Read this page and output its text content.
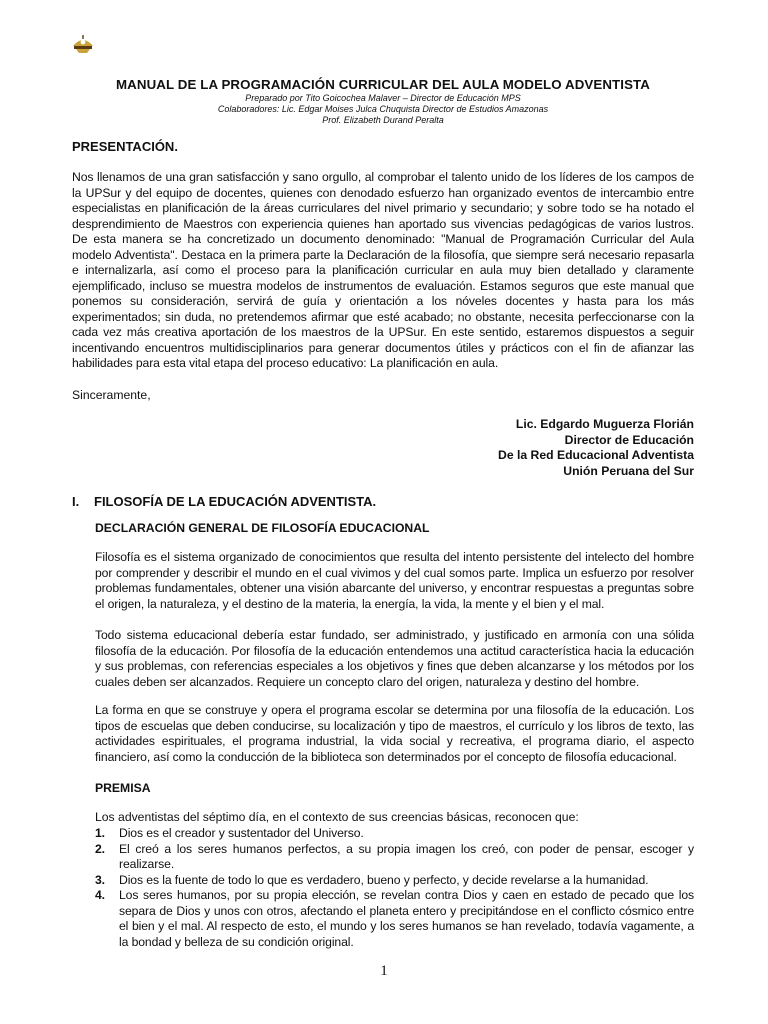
MANUAL DE LA PROGRAMACIÓN CURRICULAR DEL AULA MODELO ADVENTISTA
Preparado por Tito Goicochea Malaver – Director de Educación MPS
Colaboradores: Lic. Edgar Moises Julca Chuquista Director de Estudios Amazonas
Prof. Elizabeth Durand Peralta
PRESENTACIÓN.
Nos llenamos de una gran satisfacción y sano orgullo, al comprobar el talento unido de los líderes de los campos de la UPSur y del equipo de docentes, quienes con denodado esfuerzo han organizado eventos de intercambio entre especialistas en planificación de la áreas curriculares del nivel primario y secundario; y sobre todo se ha notado el desprendimiento de Maestros con experiencia quienes han aportado sus vivencias pedagógicas de varios lustros. De esta manera se ha concretizado un documento denominado: "Manual de Programación Curricular del Aula modelo Adventista". Destaca en la primera parte la Declaración de la filosofía, que siempre será necesario repasarla e internalizarla, así como el proceso para la planificación curricular en aula muy bien detallado y claramente ejemplificado, incluso se muestra modelos de instrumentos de evaluación. Estamos seguros que este manual que ponemos su consideración, servirá de guía y orientación a los nóveles docentes y hasta para los más experimentados; sin duda, no pretendemos afirmar que esté acabado; no obstante, necesita perfeccionarse con la cada vez más creativa aportación de los maestros de la UPSur. En este sentido, estaremos dispuestos a seguir incentivando encuentros multidisciplinarios para generar documentos útiles y prácticos con el fin de afianzar las habilidades para esta vital etapa del proceso educativo: La planificación en aula.
Sinceramente,
Lic. Edgardo Muguerza Florián
Director de Educación
De la Red Educacional Adventista
Unión Peruana del Sur
I. FILOSOFÍA DE LA EDUCACIÓN ADVENTISTA.
DECLARACIÓN GENERAL DE FILOSOFÍA EDUCACIONAL
Filosofía es el sistema organizado de conocimientos que resulta del intento persistente del intelecto del hombre por comprender y describir el mundo en el cual vivimos y del cual somos parte. Implica un esfuerzo por resolver problemas fundamentales, obtener una visión abarcante del universo, y encontrar respuestas a preguntas sobre el origen, la naturaleza, y el destino de la materia, la energía, la vida, la mente y el bien y el mal.
Todo sistema educacional debería estar fundado, ser administrado, y justificado en armonía con una sólida filosofía de la educación. Por filosofía de la educación entendemos una actitud característica hacia la educación y sus problemas, con referencias especiales a los objetivos y fines que deben alcanzarse y los métodos por los cuales deben ser alcanzados. Requiere un concepto claro del origen, naturaleza y destino del hombre.
La forma en que se construye y opera el programa escolar se determina por una filosofía de la educación. Los tipos de escuelas que deben conducirse, su localización y tipo de maestros, el currículo y los libros de texto, las actividades espirituales, el programa industrial, la vida social y recreativa, el programa diario, el aspecto financiero, así como la conducción de la biblioteca son determinados por el concepto de filosofía educacional.
PREMISA
Los adventistas del séptimo día, en el contexto de sus creencias básicas, reconocen que:
1.	Dios es el creador y sustentador del Universo.
2.	El creó a los seres humanos perfectos, a su propia imagen los creó, con poder de pensar, escoger y realizarse.
3.	Dios es la fuente de todo lo que es verdadero, bueno y perfecto, y decide revelarse a la humanidad.
4.	Los seres humanos, por su propia elección, se revelan contra Dios y caen en estado de pecado que los separa de Dios y unos con otros, afectando el planeta entero y precipitándose en el conflicto cósmico entre el bien y el mal. Al respecto de esto, el mundo y los seres humanos se han revelado, todavía vagamente, a la bondad y belleza de su condición original.
1
